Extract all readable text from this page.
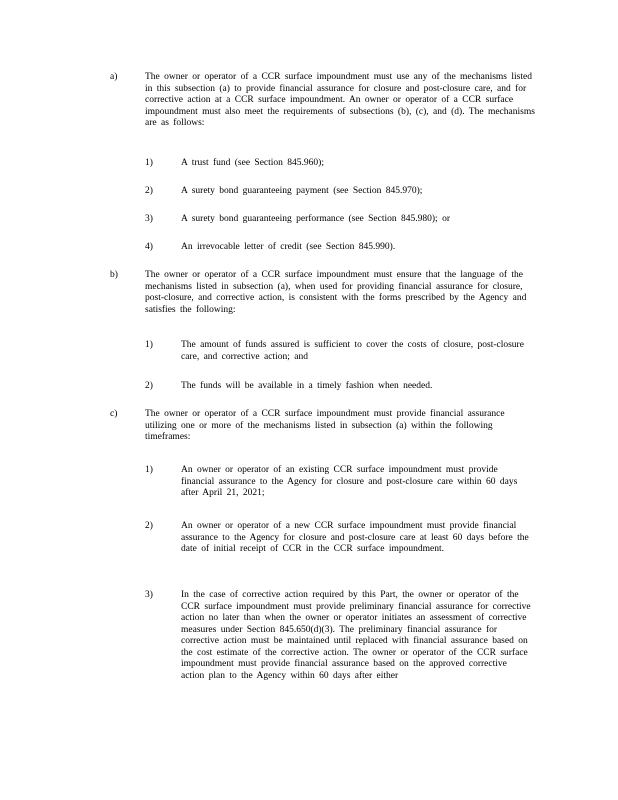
a)	The owner or operator of a CCR surface impoundment must use any of the mechanisms listed in this subsection (a) to provide financial assurance for closure and post-closure care, and for corrective action at a CCR surface impoundment. An owner or operator of a CCR surface impoundment must also meet the requirements of subsections (b), (c), and (d). The mechanisms are as follows:
1)	A trust fund (see Section 845.960);
2)	A surety bond guaranteeing payment (see Section 845.970);
3)	A surety bond guaranteeing performance (see Section 845.980); or
4)	An irrevocable letter of credit (see Section 845.990).
b)	The owner or operator of a CCR surface impoundment must ensure that the language of the mechanisms listed in subsection (a), when used for providing financial assurance for closure, post-closure, and corrective action, is consistent with the forms prescribed by the Agency and satisfies the following:
1)	The amount of funds assured is sufficient to cover the costs of closure, post-closure care, and corrective action; and
2)	The funds will be available in a timely fashion when needed.
c)	The owner or operator of a CCR surface impoundment must provide financial assurance utilizing one or more of the mechanisms listed in subsection (a) within the following timeframes:
1)	An owner or operator of an existing CCR surface impoundment must provide financial assurance to the Agency for closure and post-closure care within 60 days after April 21, 2021;
2)	An owner or operator of a new CCR surface impoundment must provide financial assurance to the Agency for closure and post-closure care at least 60 days before the date of initial receipt of CCR in the CCR surface impoundment.
3)	In the case of corrective action required by this Part, the owner or operator of the CCR surface impoundment must provide preliminary financial assurance for corrective action no later than when the owner or operator initiates an assessment of corrective measures under Section 845.650(d)(3). The preliminary financial assurance for corrective action must be maintained until replaced with financial assurance based on the cost estimate of the corrective action. The owner or operator of the CCR surface impoundment must provide financial assurance based on the approved corrective action plan to the Agency within 60 days after either
